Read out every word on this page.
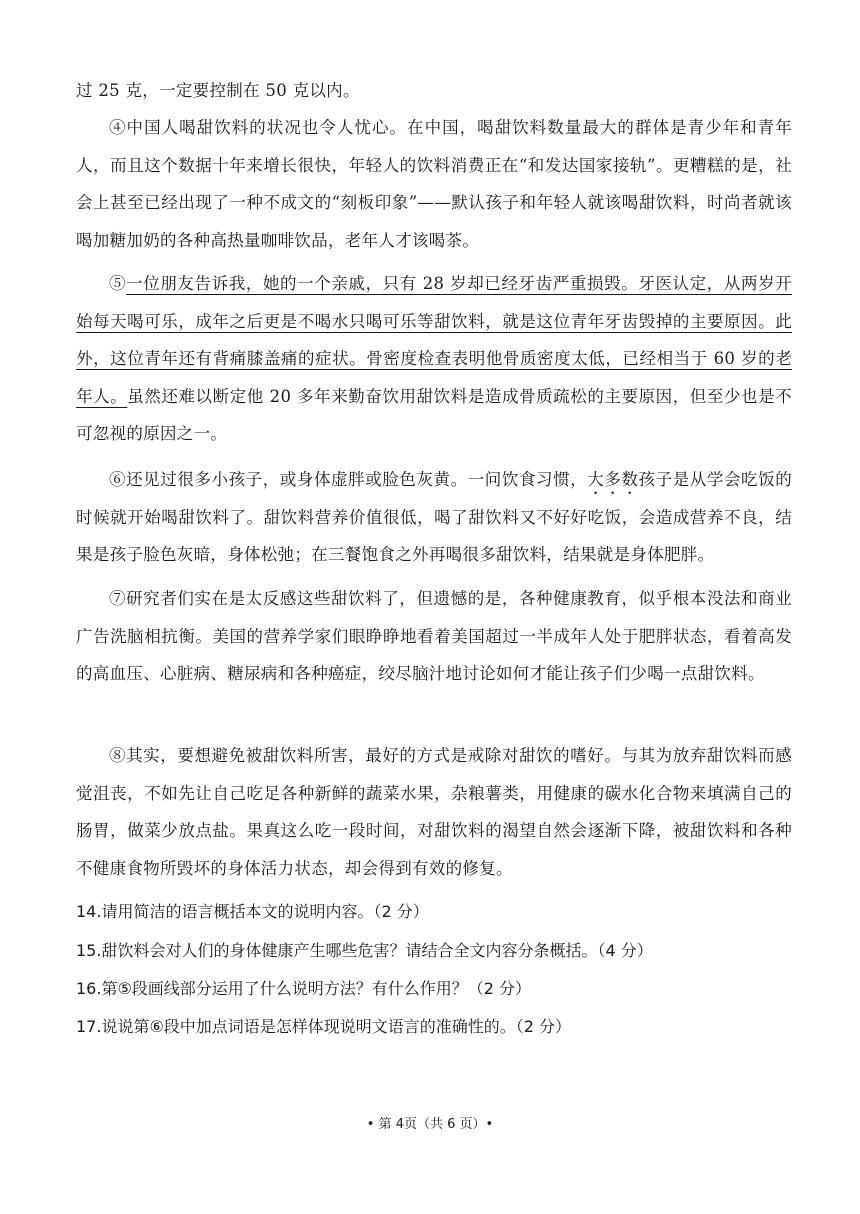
过 25 克，一定要控制在 50 克以内。
④中国人喝甜饮料的状况也令人忧心。在中国，喝甜饮料数量最大的群体是青少年和青年人，而且这个数据十年来增长很快，年轻人的饮料消费正在“和发达国家接轨”。更糟糕的是，社会上甚至已经出现了一种不成文的“刻板印象”——默认孩子和年轻人就该喝甜饮料，时尚者就该喝加糖加奶的各种高热量咖啡饮品，老年人才该喝茶。
⑤一位朋友告诉我，她的一个亲戚，只有 28 岁却已经牙齿严重损毁。牙医认定，从两岁开始每天喝可乐，成年之后更是不喝水只喝可乐等甜饮料，就是这位青年牙齿毁掉的主要原因。此外，这位青年还有背痛膝盖痛的症状。骨密度检查表明他骨质密度太低，已经相当于 60 岁的老年人。虽然还难以断定他 20 多年来勤奋饮用甜饮料是造成骨质疏松的主要原因，但至少也是不可忽视的原因之一。
⑥还见过很多小孩子，或身体虚胖或脸色灰黄。一问饮食习惯，大多数孩子是从学会吃饭的时候就开始喝甜饮料了。甜饮料营养价值很低，喝了甜饮料又不好好吃饭，会造成营养不良，结果是孩子脸色灰暗，身体松弛；在三餐饱食之外再喝很多甜饮料，结果就是身体肥胖。
⑦研究者们实在是太反感这些甜饮料了，但遗憾的是，各种健康教育，似乎根本没法和商业广告洗脑相抗衡。美国的营养学家们眼睁睁地看着美国超过一半成年人处于肥胖状态，看着高发的高血压、心脏病、糖尿病和各种癌症，绞尽脑汁地讨论如何才能让孩子们少喝一点甜饮料。
⑧其实，要想避免被甜饮料所害，最好的方式是戒除对甜饮的嗜好。与其为放弃甜饮料而感觉沮丧，不如先让自己吃足各种新鲜的蔬菜水果，杂粮薯类，用健康的碳水化合物来填满自己的肠胃，做菜少放点盐。果真这么吃一段时间，对甜饮料的渴望自然会逐渐下降，被甜饮料和各种不健康食物所毁坏的身体活力状态，却会得到有效的修复。
14.请用简洁的语言概括本文的说明内容。（2 分）
15.甜饮料会对人们的身体健康产生哪些危害？请结合全文内容分条概括。（4 分）
16.第⑤段画线部分运用了什么说明方法？有什么作用？（2 分）
17.说说第⑥段中加点词语是怎样体现说明文语言的准确性的。（2 分）
• 第 4页（共 6 页）•
